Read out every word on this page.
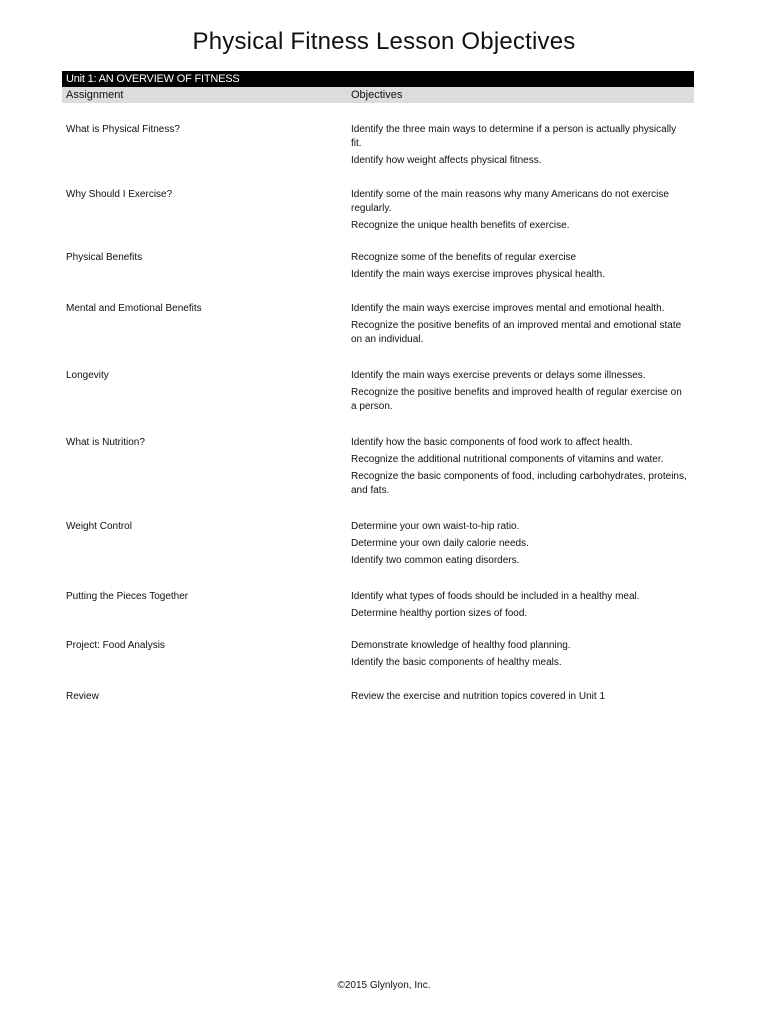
Physical Fitness Lesson Objectives
Unit 1: AN OVERVIEW OF FITNESS
Assignment	Objectives
What is Physical Fitness?	Identify the three main ways to determine if a person is actually physically fit.
Identify how weight affects physical fitness.
Why Should I Exercise?	Identify some of the main reasons why many Americans do not exercise regularly.
Recognize the unique health benefits of exercise.
Physical Benefits	Recognize some of the benefits of regular exercise
Identify the main ways exercise improves physical health.
Mental and Emotional Benefits	Identify the main ways exercise improves mental and emotional health.
Recognize the positive benefits of an improved mental and emotional state on an individual.
Longevity	Identify the main ways exercise prevents or delays some illnesses.
Recognize the positive benefits and improved health of regular exercise on a person.
What is Nutrition?	Identify how the basic components of food work to affect health.
Recognize the additional nutritional components of vitamins and water.
Recognize the basic components of food, including carbohydrates, proteins, and fats.
Weight Control	Determine your own waist-to-hip ratio.
Determine your own daily calorie needs.
Identify two common eating disorders.
Putting the Pieces Together	Identify what types of foods should be included in a healthy meal.
Determine healthy portion sizes of food.
Project: Food Analysis	Demonstrate knowledge of healthy food planning.
Identify the basic components of healthy meals.
Review	Review the exercise and nutrition topics covered in Unit 1
©2015 Glynlyon, Inc.
